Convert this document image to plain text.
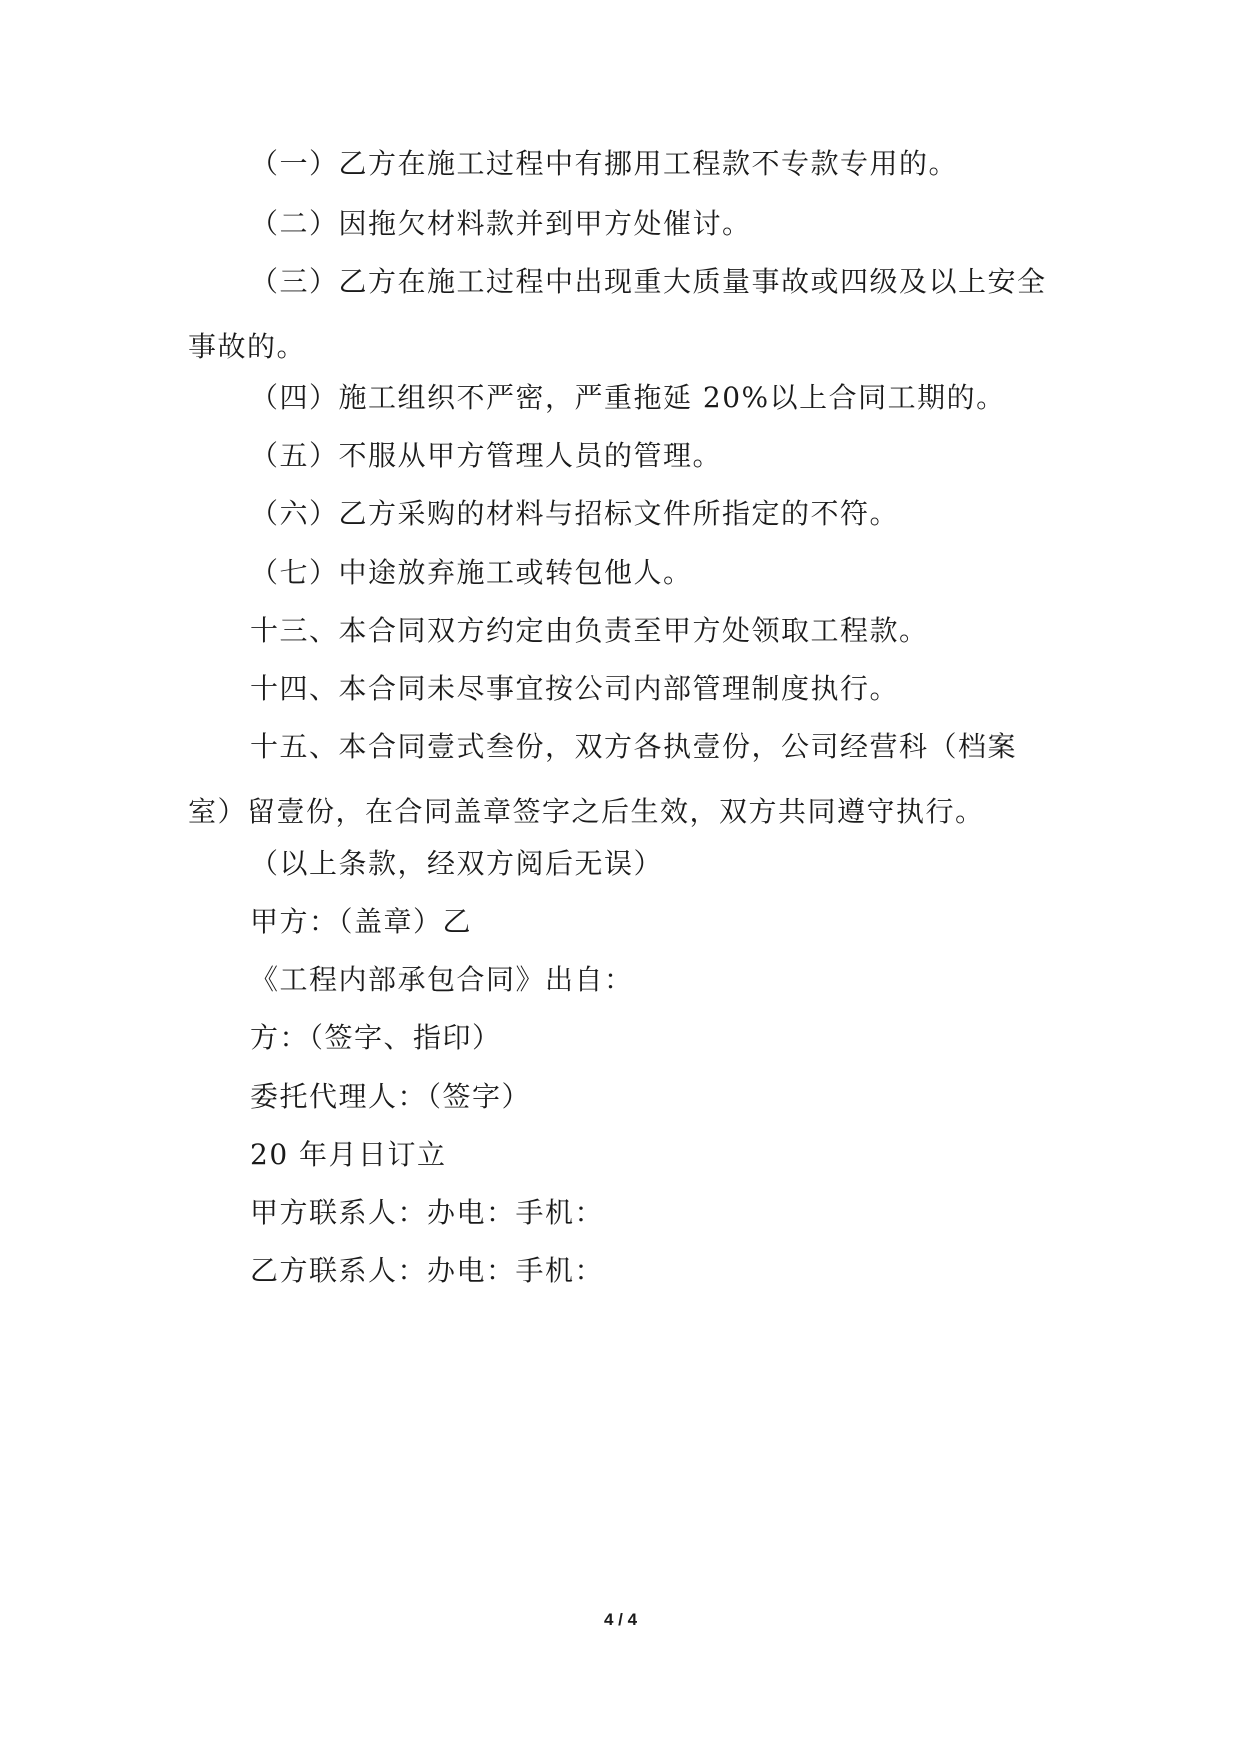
（一）乙方在施工过程中有挪用工程款不专款专用的。

（二）因拖欠材料款并到甲方处催讨。

（三）乙方在施工过程中出现重大质量事故或四级及以上安全事故的。

（四）施工组织不严密，严重拖延 20%以上合同工期的。

（五）不服从甲方管理人员的管理。

（六）乙方采购的材料与招标文件所指定的不符。

（七）中途放弃施工或转包他人。

十三、本合同双方约定由负责至甲方处领取工程款。

十四、本合同未尽事宜按公司内部管理制度执行。

十五、本合同壹式叁份，双方各执壹份，公司经营科（档案室）留壹份，在合同盖章签字之后生效，双方共同遵守执行。

（以上条款，经双方阅后无误）

甲方：（盖章）乙

《工程内部承包合同》出自：

方：（签字、指印）

委托代理人：（签字）

20 年月日订立

甲方联系人：办电：手机：

乙方联系人：办电：手机：

4 / 4
